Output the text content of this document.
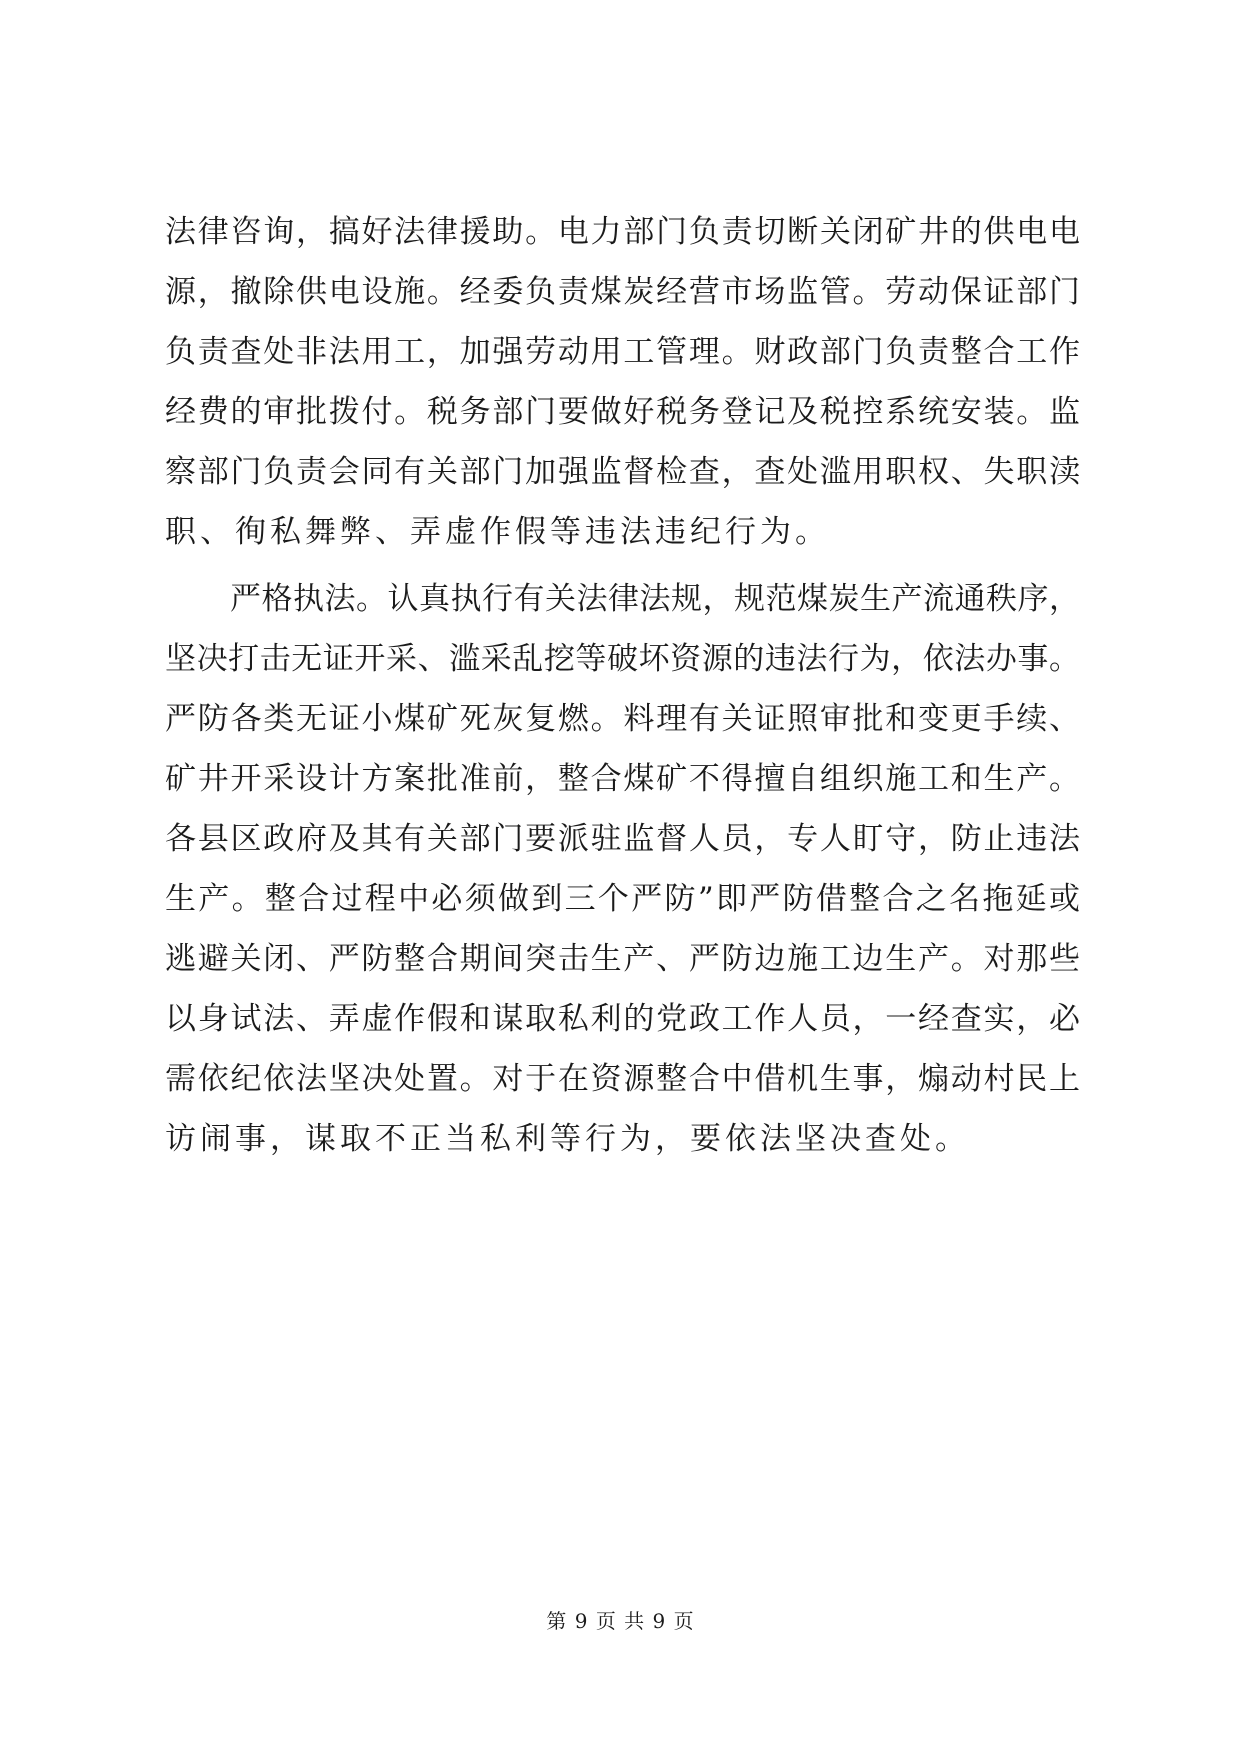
法律咨询，搞好法律援助。电力部门负责切断关闭矿井的供电电
源，撤除供电设施。经委负责煤炭经营市场监管。劳动保证部门
负责查处非法用工，加强劳动用工管理。财政部门负责整合工作
经费的审批拨付。税务部门要做好税务登记及税控系统安装。监
察部门负责会同有关部门加强监督检查，查处滥用职权、失职渎
职、徇私舞弊、弄虚作假等违法违纪行为。
严格执法。认真执行有关法律法规，规范煤炭生产流通秩序，
坚决打击无证开采、滥采乱挖等破坏资源的违法行为，依法办事。
严防各类无证小煤矿死灰复燃。料理有关证照审批和变更手续、
矿井开采设计方案批准前，整合煤矿不得擅自组织施工和生产。
各县区政府及其有关部门要派驻监督人员，专人盯守，防止违法
生产。整合过程中必须做到三个严防”即严防借整合之名拖延或
逃避关闭、严防整合期间突击生产、严防边施工边生产。对那些
以身试法、弄虚作假和谋取私利的党政工作人员，一经查实，必
需依纪依法坚决处置。对于在资源整合中借机生事，煽动村民上
访闹事，谋取不正当私利等行为，要依法坚决查处。
第 9 页 共 9 页
